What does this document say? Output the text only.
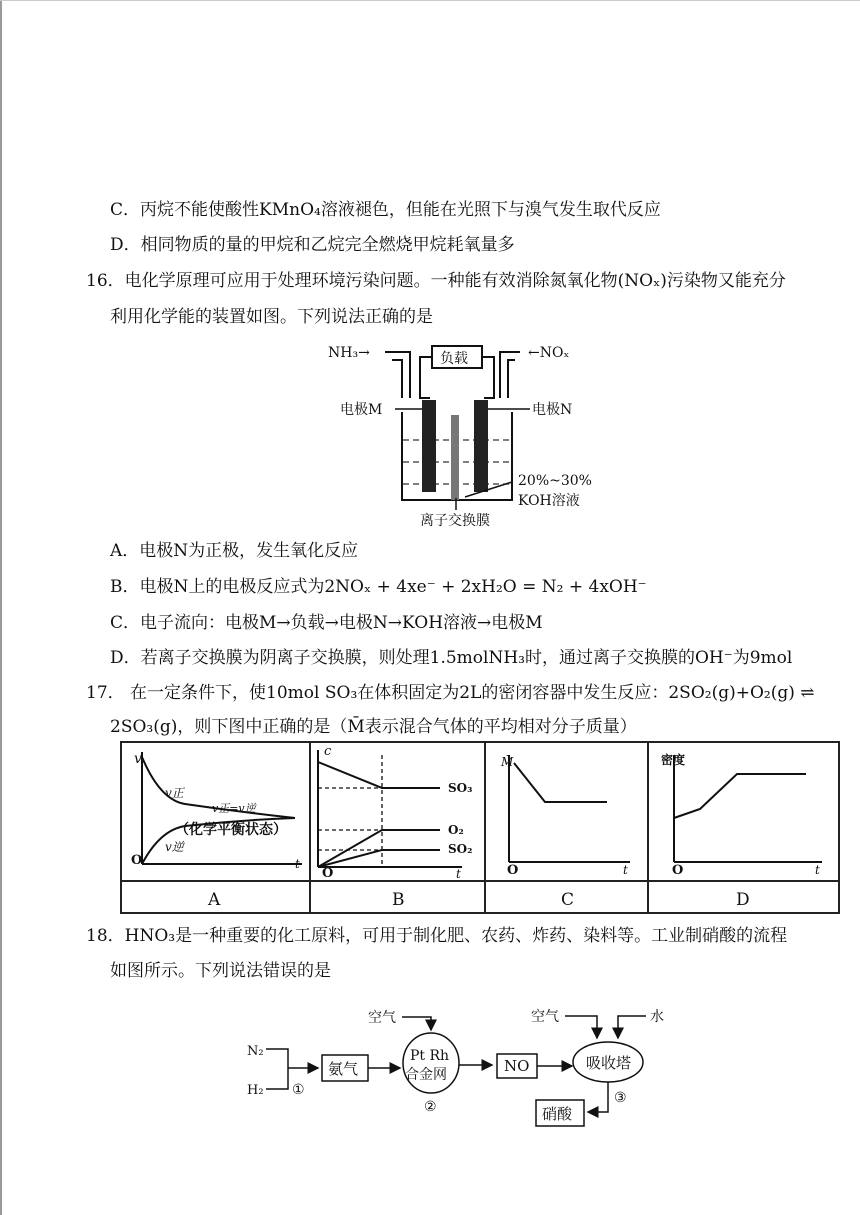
C．丙烷不能使酸性KMnO₄溶液褪色，但能在光照下与溴气发生取代反应
D．相同物质的量的甲烷和乙烷完全燃烧甲烷耗氧量多
16．电化学原理可应用于处理环境污染问题。一种能有效消除氮氧化物(NOₓ)污染物又能充分
利用化学能的装置如图。下列说法正确的是
NH₃→	←NOₓ
负载
电极M	电极N
20%~30%
KOH溶液
离子交换膜
A．电极N为正极，发生氧化反应
B．电极N上的电极反应式为2NOₓ + 4xe⁻ + 2xH₂O = N₂ + 4xOH⁻
C．电子流向：电极M→负载→电极N→KOH溶液→电极M
D．若离子交换膜为阴离子交换膜，则处理1.5molNH₃时，通过离子交换膜的OH⁻为9mol
17． 在一定条件下，使10mol SO₃在体积固定为2L的密闭容器中发生反应：2SO₂(g)+O₂(g) ⇌
2SO₃(g)，则下图中正确的是（M̄表示混合气体的平均相对分子质量）
v
O	t
v正
v正=v逆
（化学平衡状态）
v逆
A
c
O	t
SO₃
O₂
SO₂
B
M̄
O	t
C
密度
O	t
D
18．HNO₃是一种重要的化工原料，可用于制化肥、农药、炸药、染料等。工业制硝酸的流程
如图所示。下列说法错误的是
N₂
H₂ ①
氨气
空气
Pt Rh
合金网
②
NO
空气	水
吸收塔
③
硝酸
